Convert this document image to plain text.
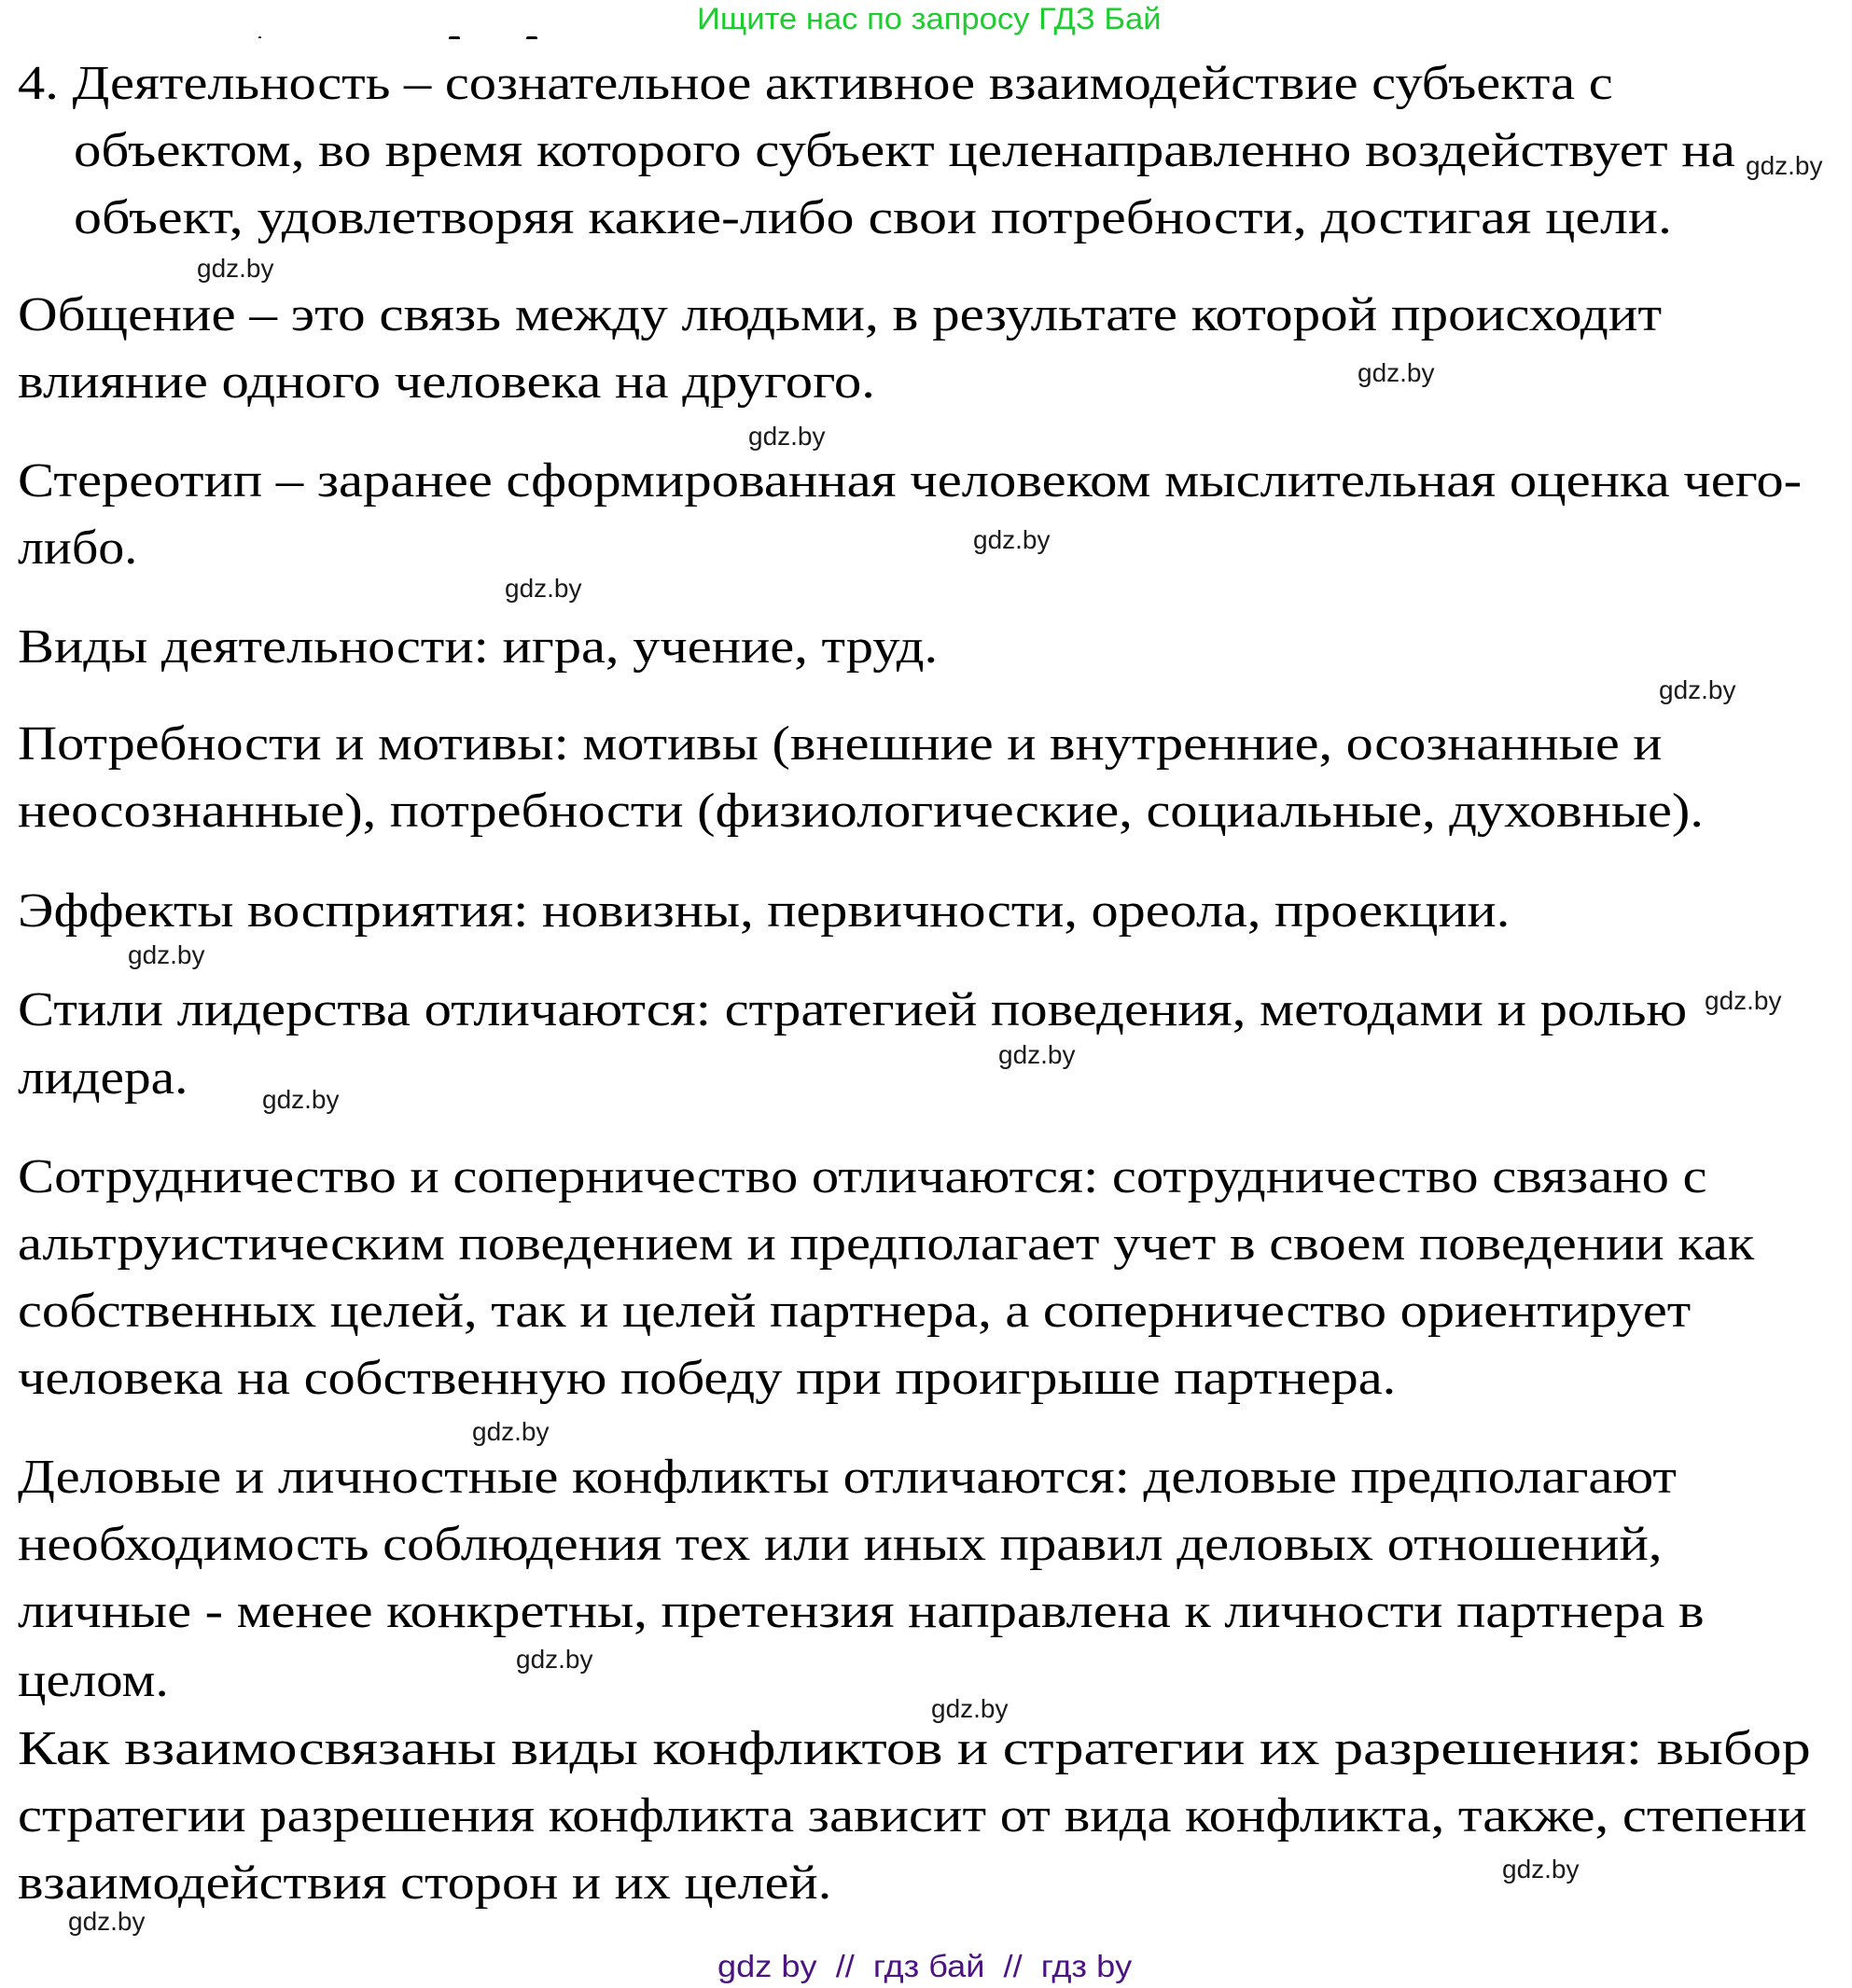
Ищите нас по запросу ГДЗ Бай
4. Деятельность – сознательное активное взаимодействие субъекта с
объектом, во время которого субъект целенаправленно воздействует на
объект, удовлетворяя какие-либо свои потребности, достигая цели.
Общение – это связь между людьми, в результате которой происходит
влияние одного человека на другого.
Стереотип – заранее сформированная человеком мыслительная оценка чего-
либо.
Виды деятельности: игра, учение, труд.
Потребности и мотивы: мотивы (внешние и внутренние, осознанные и
неосознанные), потребности (физиологические, социальные, духовные).
Эффекты восприятия: новизны, первичности, ореола, проекции.
Стили лидерства отличаются: стратегией поведения, методами и ролью
лидера.
Сотрудничество и соперничество отличаются: сотрудничество связано с
альтруистическим поведением и предполагает учет в своем поведении как
собственных целей, так и целей партнера, а соперничество ориентирует
человека на собственную победу при проигрыше партнера.
Деловые и личностные конфликты отличаются: деловые предполагают
необходимость соблюдения тех или иных правил деловых отношений,
личные - менее конкретны, претензия направлена к личности партнера в
целом.
Как взаимосвязаны виды конфликтов и стратегии их разрешения: выбор
стратегии разрешения конфликта зависит от вида конфликта, также, степени
взаимодействия сторон и их целей.
gdz.by
gdz.by
gdz.by
gdz.by
gdz.by
gdz.by
gdz.by
gdz.by
gdz.by
gdz.by
gdz.by
gdz.by
gdz.by
gdz.by
gdz.by
gdz.by
gdz by  //  гдз бай  //  гдз by
